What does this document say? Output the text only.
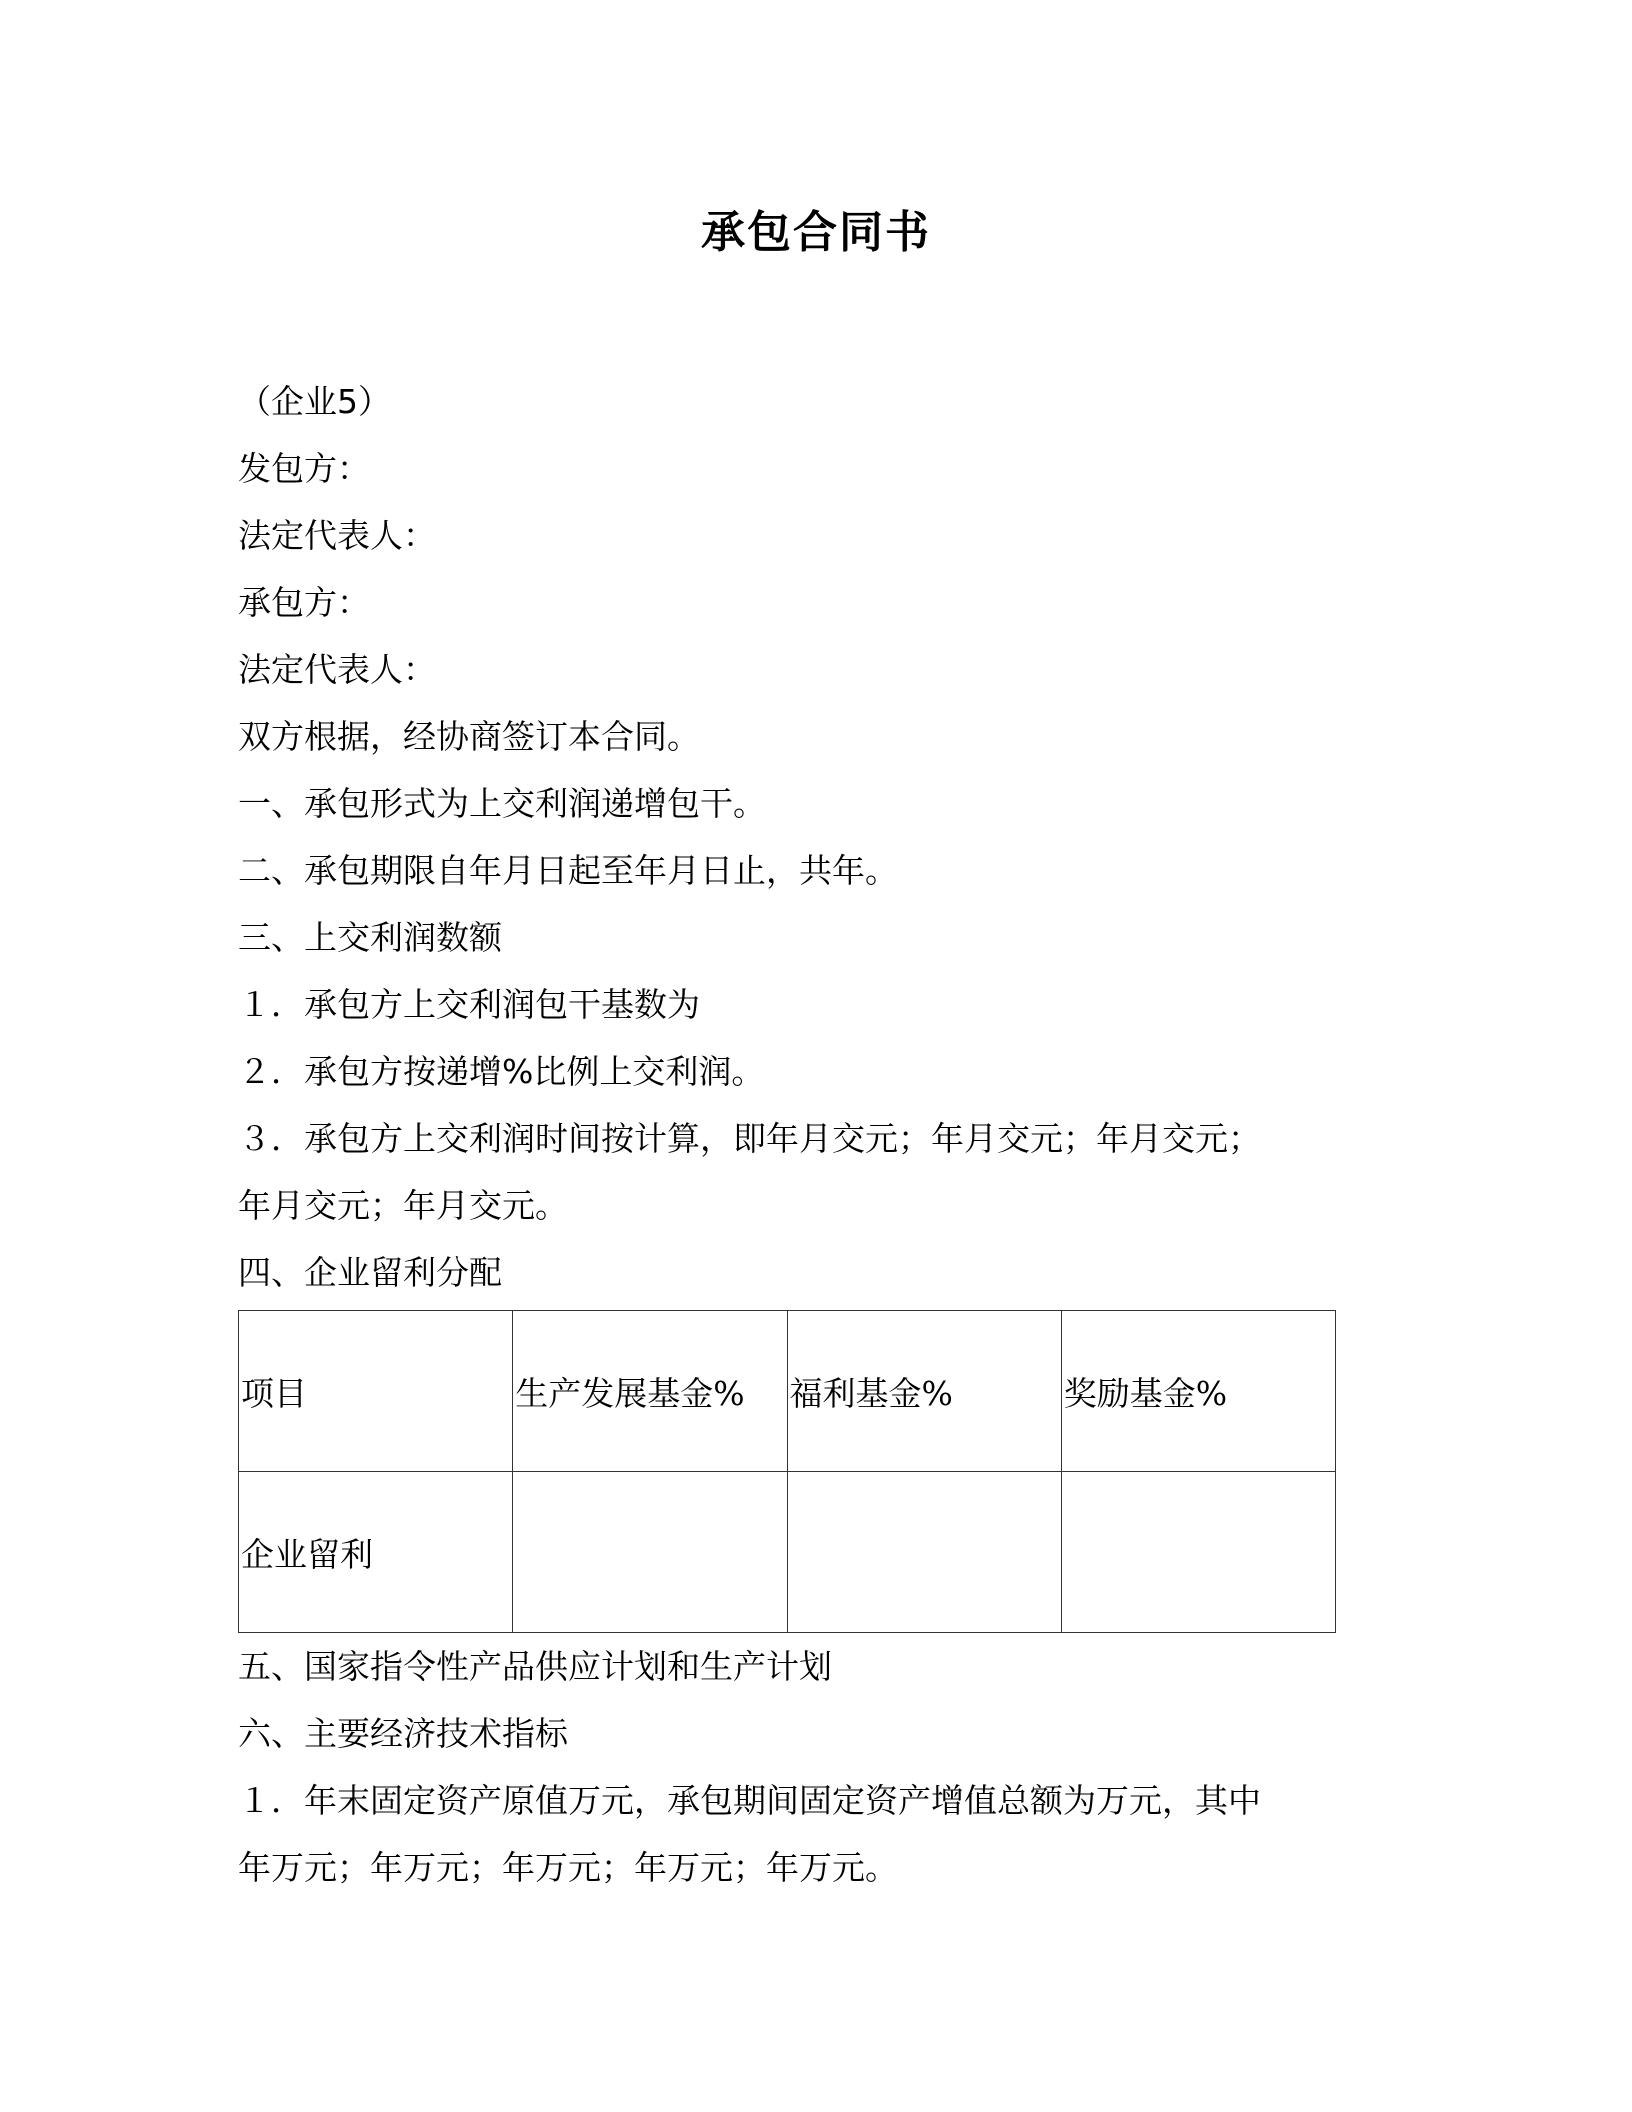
承包合同书
（企业5）
发包方：
法定代表人：
承包方：
法定代表人：
双方根据，经协商签订本合同。
一、承包形式为上交利润递增包干。
二、承包期限自年月日起至年月日止，共年。
三、上交利润数额
１．承包方上交利润包干基数为
２．承包方按递增%比例上交利润。
３．承包方上交利润时间按计算，即年月交元；年月交元；年月交元；
年月交元；年月交元。
四、企业留利分配
项目	生产发展基金%	福利基金%	奖励基金%
企业留利			
五、国家指令性产品供应计划和生产计划
六、主要经济技术指标
１．年末固定资产原值万元，承包期间固定资产增值总额为万元，其中
年万元；年万元；年万元；年万元；年万元。
